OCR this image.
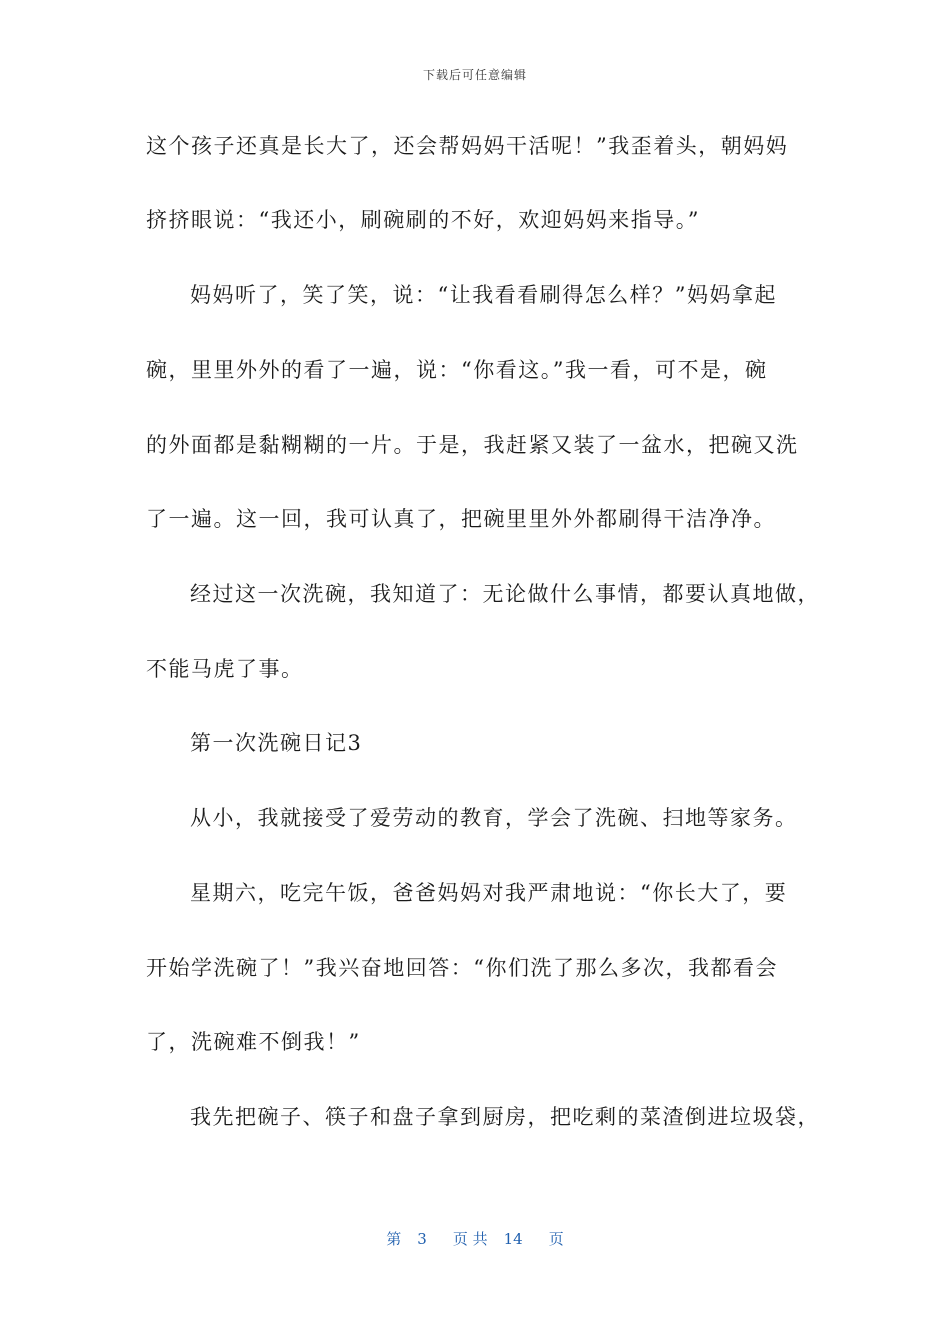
下载后可任意编辑
这个孩子还真是长大了，还会帮妈妈干活呢！”我歪着头，朝妈妈
挤挤眼说：“我还小，刷碗刷的不好，欢迎妈妈来指导。”
妈妈听了，笑了笑，说：“让我看看刷得怎么样？”妈妈拿起
碗，里里外外的看了一遍，说：“你看这。”我一看，可不是，碗
的外面都是黏糊糊的一片。于是，我赶紧又装了一盆水，把碗又洗
了一遍。这一回，我可认真了，把碗里里外外都刷得干洁净净。
经过这一次洗碗，我知道了：无论做什么事情，都要认真地做，
不能马虎了事。
第一次洗碗日记3
从小，我就接受了爱劳动的教育，学会了洗碗、扫地等家务。
星期六，吃完午饭，爸爸妈妈对我严肃地说：“你长大了，要
开始学洗碗了！”我兴奋地回答：“你们洗了那么多次，我都看会
了，洗碗难不倒我！”
我先把碗子、筷子和盘子拿到厨房，把吃剩的菜渣倒进垃圾袋，
第 3 页 共 14 页
